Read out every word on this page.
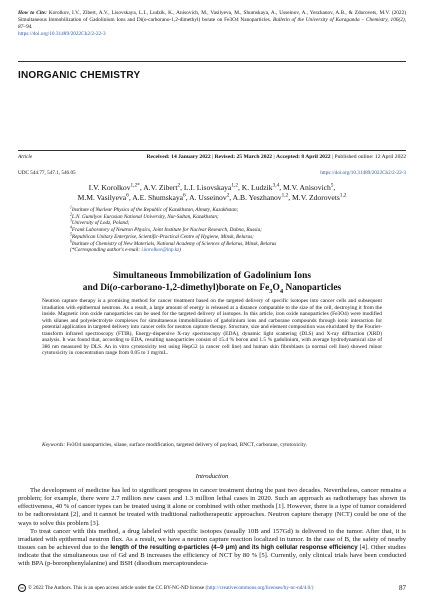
How to Cite: Korolkov, I.V., Zibert, A.V., Lisovskaya, L.I., Ludzik, K., Anisovich, M., Vasilyeva, M., Shumskaya, A., Usseinov, A., Yeszhanov, A.B., & Zdorovets, M.V. (2022) Simultaneous Immobilization of Gadolinium Ions and Di(o-carborano-1,2-dimethyl) borate on Fe3O4 Nanoparticles. Bulletin of the University of Karaganda – Chemistry, 106(2), 87–94.
https://doi.org/10.31489/2022Ch2/2-22-3
INORGANIC CHEMISTRY
Article	Received: 14 January 2022 | Revised: 25 March 2022 | Accepted: 8 April 2022 | Published online: 12 April 2022
UDC 544.77, 547.1, 546.05	https://doi.org/10.31489/2022Ch2/2-22-3
I.V. Korolkov$^{1,2*}$, A.V. Zibert$^2$, L.I. Lisovskaya$^{1,2}$, K. Ludzik$^{3,4}$, M.V. Anisovich$^5$,
M.M. Vasilyeva$^6$, A.E. Shumskaya$^6$, A. Usseinov$^2$, A.B. Yeszhanov$^{1,2}$, M.V. Zdorovets$^{1,2}$
$^1$Institute of Nuclear Physics of the Republic of Kazakhstan, Almaty, Kazakhstan;
$^2$L.N. Gumilyov Eurasian National University, Nur-Sultan, Kazakhstan;
$^3$University of Lodz, Poland;
$^4$Frank Laboratory of Neutron Physics, Joint Institute for Nuclear Research, Dubna, Russia;
$^5$Republican Unitary Enterprise, Scientific-Practical Centre of Hygiene, Minsk, Belarus;
$^6$Institute of Chemistry of New Materials, National Academy of Sciences of Belarus, Minsk, Belarus
(*Corresponding author's e-mail: i.korolkov@inp.kz)
Simultaneous Immobilization of Gadolinium Ions
and Di(o-carborano-1,2-dimethyl)borate on $Fe_3O_4$ Nanoparticles
Neutron capture therapy is a promising method for cancer treatment based on the targeted delivery of specific isotopes into cancer cells and subsequent irradiation with epithermal neutrons. As a result, a large amount of energy is released at a distance comparable to the size of the cell, destroying it from the inside. Magnetic iron oxide nanoparticles can be used for the targeted delivery of isotopes. In this article, iron oxide nanoparticles (Fe3O4) were modified with silanes and polyelectrolyte complexes for simultaneous immobilization of gadolinium ions and carborane compounds through ionic interaction for potential application in targeted delivery into cancer cells for neutron capture therapy. Structure, size and element composition was elucidated by the Fourier-transform infrared spectroscopy (FTIR), Energy-dispersive X-ray spectroscopy (EDA), dynamic light scattering (DLS) and X-ray diffraction (XRD) analysis. It was found that, according to EDA, resulting nanoparticles consist of 15.4 % boron and 1.5 % gadolinium, with average hydrodynamical size of 386 nm measured by DLS. An in vitro cytotoxicity test using HepG2 (a cancer cell line) and human skin fibroblasts (a normal cell line) showed minor cytotoxicity in concentration range from 0.05 to 1 mg/mL.
Keywords: Fe3O4 nanoparticles, silane, surface modification, targeted delivery of payload, BNCT, carborane, cytotoxicity.
Introduction

The development of medicine has led to significant progress in cancer treatment during the past two decades. Nevertheless, cancer remains a problem; for example, there were 2.7 million new cases and 1.3 million lethal cases in 2020. Such an approach as radiotherapy has shown its effectiveness, 40 % of cancer types can be treated using it alone or combined with other methods [1]. However, there is a type of tumor considered to be radioresistant [2], and it cannot be treated with traditional radiotherapeutic approaches. Neutron capture therapy (NCT) could be one of the ways to solve this problem [3].

To treat cancer with this method, a drug labeled with specific isotopes (usually 10B and 157Gd) is delivered to the tumor. After that, it is irradiated with epithermal neutron flux. As a result, we have a neutron capture reaction localized in tumor. In the case of B, the safety of nearby tissues can be achieved due to the length of the resulting α-particles (4–9 μm) and its high cellular response efficiency [4]. Other studies indicate that the simultaneous use of Gd and B increases the efficiency of NCT by 80 % [5]. Currently, only clinical trials have been conducted with BPA (p-boronphenylalanine) and BSH (disodium mercaptoundeca-

cc © 2022 The Authors. This is an open access article under the CC BY-NC-ND license (http://creativecommons.org/licenses/by-nc-nd/4.0/)	87
